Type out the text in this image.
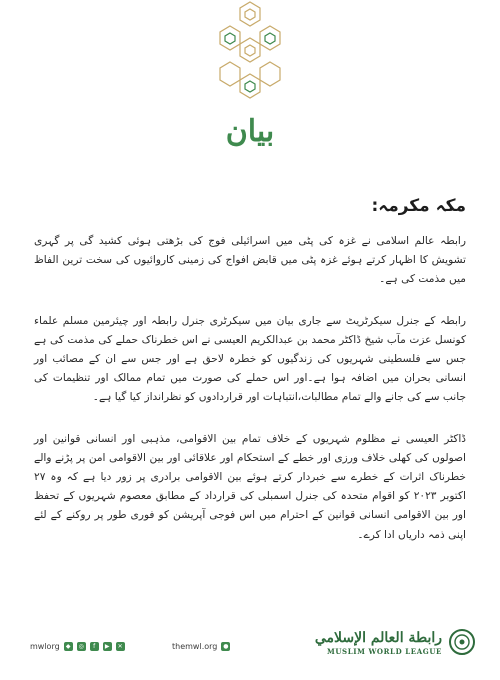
بیان
مکہ مکرمہ:

رابطہ عالم اسلامی نے غزہ کی پٹی میں اسرائیلی فوج کی بڑھتی ہوئی کشید گی پر گہری تشویش کا اظہار کرتے ہوئے غزہ پٹی میں قابض افواج کی زمینی کاروائیوں کی سخت ترین الفاظ میں مذمت کی ہے۔

رابطہ کے جنرل سیکرٹریٹ سے جاری بیان میں سیکرٹری جنرل رابطہ اور چیئرمین مسلم علماء کونسل عزت مآب شیخ ڈاکٹر محمد بن عبدالکریم العیسی نے اس خطرناک حملے کی مذمت کی ہے جس سے فلسطینی شہریوں کی زندگیوں کو خطرہ لاحق ہے اور جس سے ان کے مصائب اور انسانی بحران میں اضافہ ہوا ہے۔اور اس حملے کی صورت میں تمام ممالک اور تنظیمات کی جانب سے کی جانے والے تمام مطالبات،انتباہات اور قراردادوں کو نظرانداز کیا گیا ہے۔

ڈاکٹر العیسی نے مظلوم شہریوں کے خلاف تمام بین الاقوامی، مذہبی اور انسانی قوانین اور اصولوں کی کھلی خلاف ورزی اور خطے کے استحکام اور علاقائی اور بین الاقوامی امن پر پڑنے والے خطرناک اثرات کے خطرے سے خبردار کرتے ہوئے بین الاقوامی برادری پر زور دیا ہے کہ وہ ۲۷ اکتوبر ۲۰۲۳ کو اقوام متحدہ کی جنرل اسمبلی کی قرارداد کے مطابق معصوم شہریوں کے تحفظ اور بین الاقوامی انسانی قوانین کے احترام میں اس فوجی آپریشن کو فوری طور پر روکنے کے لئے اپنی ذمہ داریاں ادا کرے۔

mwlorg	◆	◎	f	▶	✕	themwl.org ●
رابطة العالم الإسلامي
MUSLIM WORLD LEAGUE
